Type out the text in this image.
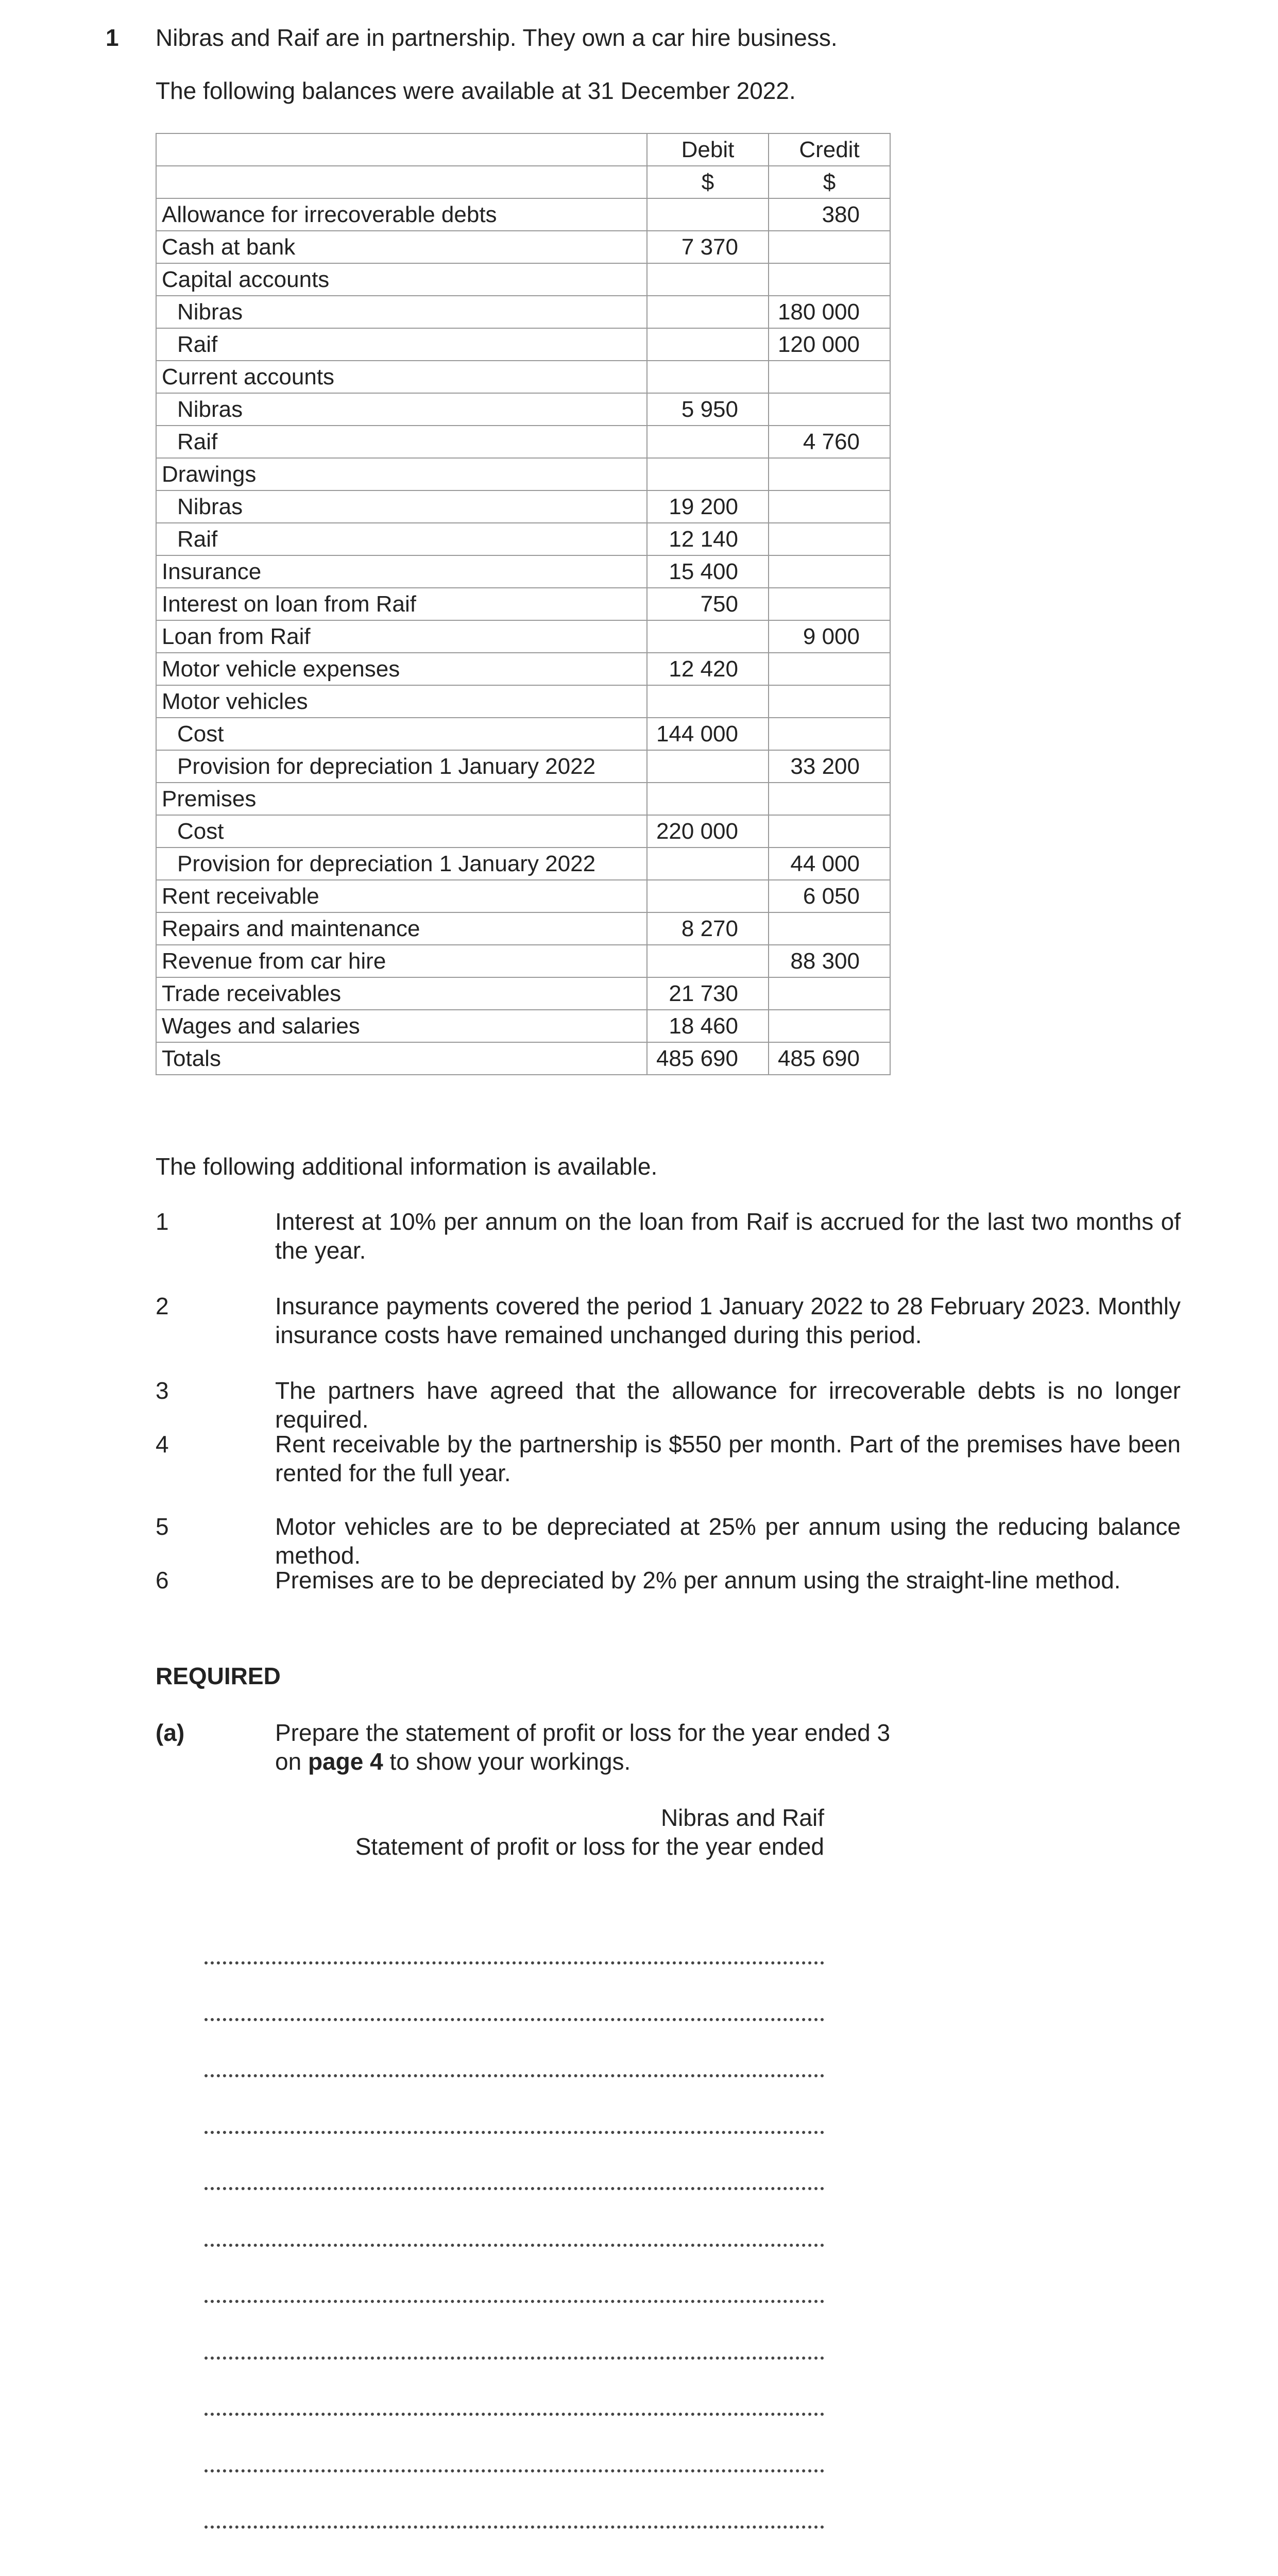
1 Nibras and Raif are in partnership. They own a car hire business.
The following balances were available at 31 December 2022.
	Debit	Credit
	$	$
Allowance for irrecoverable debts		380
Cash at bank	7 370	
Capital accounts		
Nibras		180 000
Raif		120 000
Current accounts		
Nibras	5 950	
Raif		4 760
Drawings		
Nibras	19 200	
Raif	12 140	
Insurance	15 400	
Interest on loan from Raif	750	
Loan from Raif		9 000
Motor vehicle expenses	12 420	
Motor vehicles		
Cost	144 000	
Provision for depreciation 1 January 2022		33 200
Premises		
Cost	220 000	
Provision for depreciation 1 January 2022		44 000
Rent receivable		6 050
Repairs and maintenance	8 270	
Revenue from car hire		88 300
Trade receivables	21 730	
Wages and salaries	18 460	
Totals	485 690	485 690
The following additional information is available.
1	Interest at 10% per annum on the loan from Raif is accrued for the last two months of the year.
2	Insurance payments covered the period 1 January 2022 to 28 February 2023. Monthly insurance costs have remained unchanged during this period.
3	The partners have agreed that the allowance for irrecoverable debts is no longer required.
4	Rent receivable by the partnership is $550 per month. Part of the premises have been rented for the full year.
5	Motor vehicles are to be depreciated at 25% per annum using the reducing balance method.
6	Premises are to be depreciated by 2% per annum using the straight-line method.
REQUIRED
(a)	Prepare the statement of profit or loss for the year ended 3
on page 4 to show your workings.
Nibras and Raif
Statement of profit or loss for the year ended
